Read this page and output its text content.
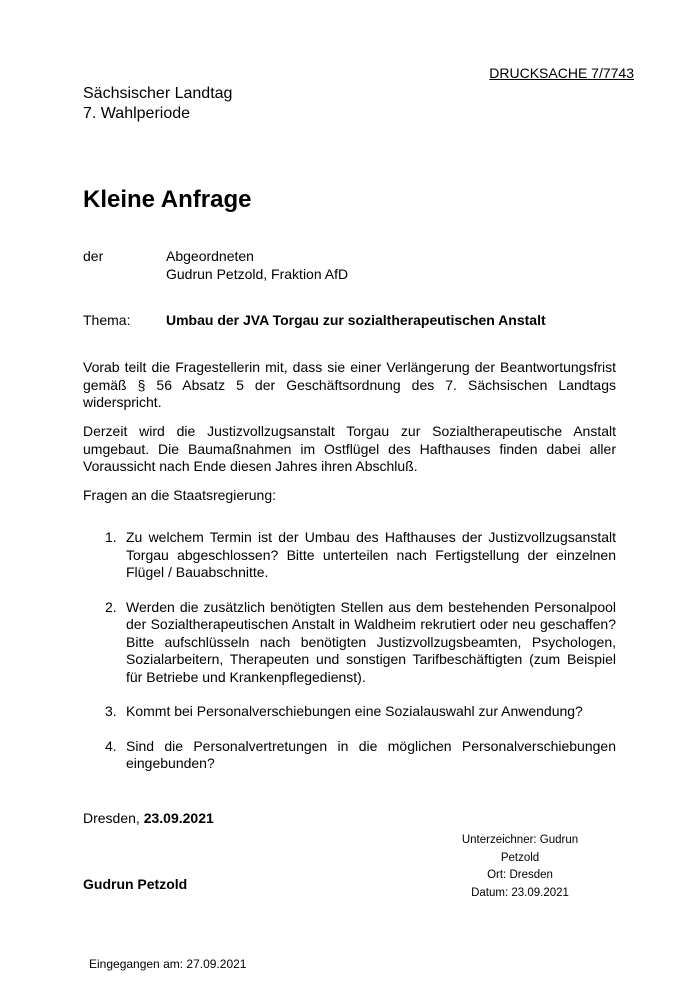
DRUCKSACHE 7/7743
Sächsischer Landtag
7. Wahlperiode
Kleine Anfrage
der	Abgeordneten
Gudrun Petzold, Fraktion AfD
Thema:	Umbau der JVA Torgau zur sozialtherapeutischen Anstalt
Vorab teilt die Fragestellerin mit, dass sie einer Verlängerung der Beantwortungsfrist gemäß § 56 Absatz 5 der Geschäftsordnung des 7. Sächsischen Landtags widerspricht.
Derzeit wird die Justizvollzugsanstalt Torgau zur Sozialtherapeutische Anstalt umgebaut. Die Baumaßnahmen im Ostflügel des Hafthauses finden dabei aller Voraussicht nach Ende diesen Jahres ihren Abschluß.
Fragen an die Staatsregierung:
1. Zu welchem Termin ist der Umbau des Hafthauses der Justizvollzugsanstalt Torgau abgeschlossen? Bitte unterteilen nach Fertigstellung der einzelnen Flügel / Bauabschnitte.
2. Werden die zusätzlich benötigten Stellen aus dem bestehenden Personalpool der Sozialtherapeutischen Anstalt in Waldheim rekrutiert oder neu geschaffen? Bitte aufschlüsseln nach benötigten Justizvollzugsbeamten, Psychologen, Sozialarbeitern, Therapeuten und sonstigen Tarifbeschäftigten (zum Beispiel für Betriebe und Krankenpflegedienst).
3. Kommt bei Personalverschiebungen eine Sozialauswahl zur Anwendung?
4. Sind die Personalvertretungen in die möglichen Personalverschiebungen eingebunden?
Dresden, 23.09.2021
Gudrun Petzold
Unterzeichner: Gudrun
Petzold
Ort: Dresden
Datum: 23.09.2021
Eingegangen am: 27.09.2021
